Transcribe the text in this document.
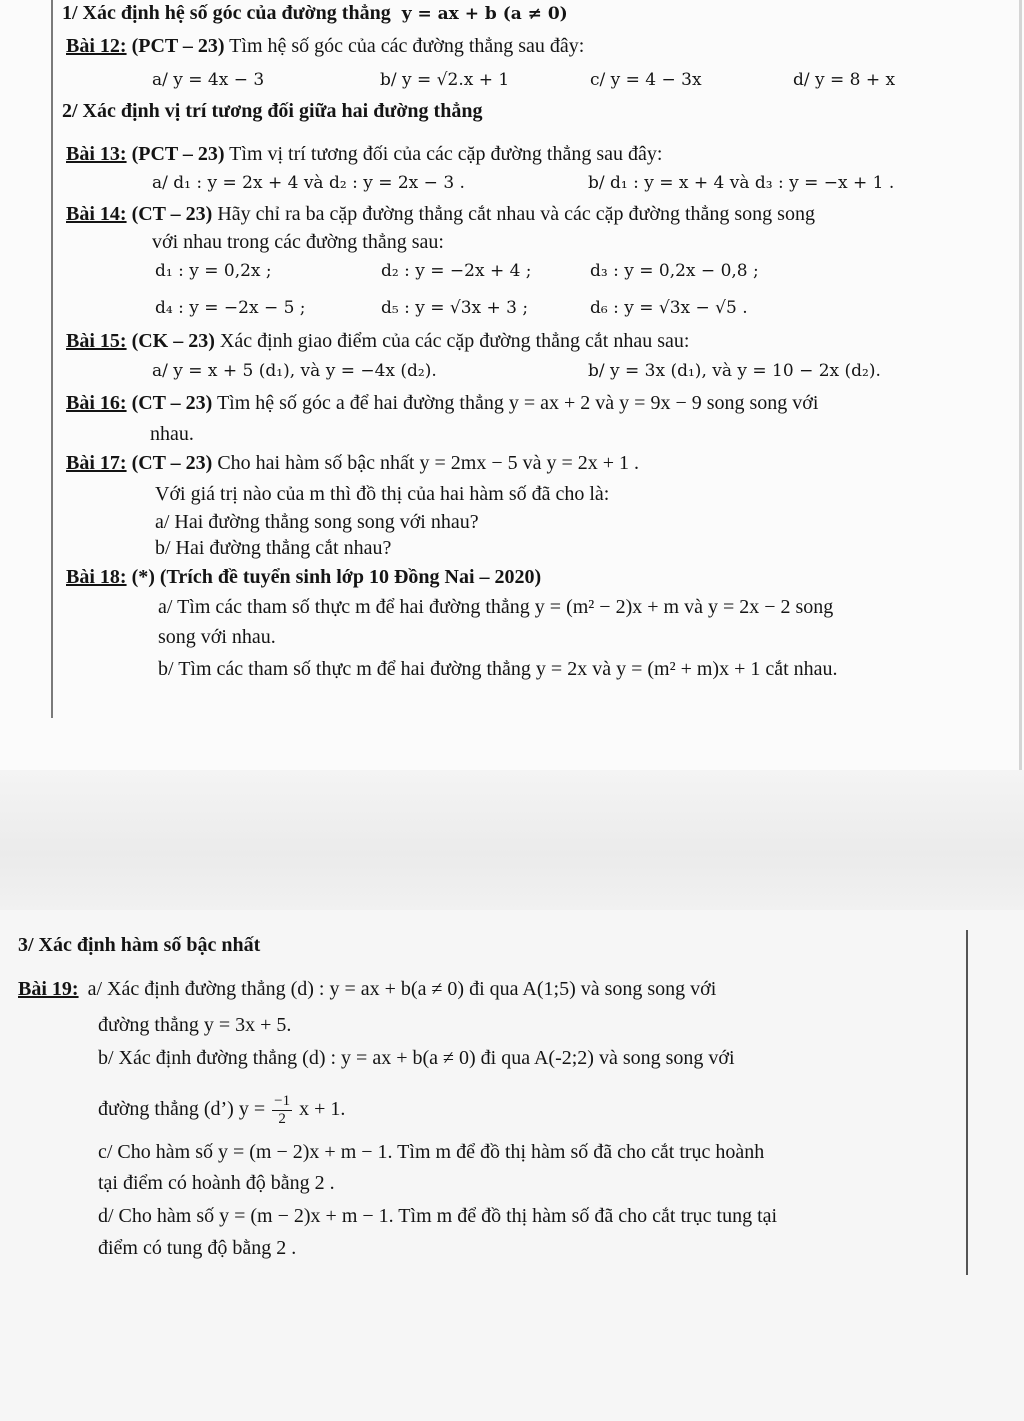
1/ Xác định hệ số góc của đường thẳng y = ax + b (a ≠ 0)
Bài 12: (PCT – 23) Tìm hệ số góc của các đường thẳng sau đây:
a/ y = 4x − 3	b/ y = √2.x + 1	c/ y = 4 − 3x	d/ y = 8 + x
2/ Xác định vị trí tương đối giữa hai đường thẳng
Bài 13: (PCT – 23) Tìm vị trí tương đối của các cặp đường thẳng sau đây:
a/ d₁ : y = 2x + 4 và d₂ : y = 2x − 3 .	b/ d₁ : y = x + 4 và d₃ : y = −x + 1 .
Bài 14: (CT – 23) Hãy chỉ ra ba cặp đường thẳng cắt nhau và các cặp đường thẳng song song
với nhau trong các đường thẳng sau:
d₁ : y = 0,2x ;	d₂ : y = −2x + 4 ;	d₃ : y = 0,2x − 0,8 ;
d₄ : y = −2x − 5 ;	d₅ : y = √3x + 3 ;	d₆ : y = √3x − √5 .
Bài 15: (CK – 23) Xác định giao điểm của các cặp đường thẳng cắt nhau sau:
a/ y = x + 5 (d₁), và y = −4x (d₂).	b/ y = 3x (d₁), và y = 10 − 2x (d₂).
Bài 16: (CT – 23) Tìm hệ số góc a để hai đường thẳng y = ax + 2 và y = 9x − 9 song song với
nhau.
Bài 17: (CT – 23) Cho hai hàm số bậc nhất y = 2mx − 5 và y = 2x + 1 .
Với giá trị nào của m thì đồ thị của hai hàm số đã cho là:
a/ Hai đường thẳng song song với nhau?
b/ Hai đường thẳng cắt nhau?
Bài 18: (*) (Trích đề tuyển sinh lớp 10 Đồng Nai – 2020)
a/ Tìm các tham số thực m để hai đường thẳng y = (m² − 2)x + m và y = 2x − 2 song
song với nhau.
b/ Tìm các tham số thực m để hai đường thẳng y = 2x và y = (m² + m)x + 1 cắt nhau.
3/ Xác định hàm số bậc nhất
Bài 19: a/ Xác định đường thẳng (d) : y = ax + b(a ≠ 0) đi qua A(1;5) và song song với
đường thẳng y = 3x + 5.
b/ Xác định đường thẳng (d) : y = ax + b(a ≠ 0) đi qua A(-2;2) và song song với
đường thẳng (d’) $y = \frac{-1}{2}$ x + 1.
c/ Cho hàm số y = (m − 2)x + m − 1. Tìm m để đồ thị hàm số đã cho cắt trục hoành
tại điểm có hoành độ bằng 2 .
d/ Cho hàm số y = (m − 2)x + m − 1. Tìm m để đồ thị hàm số đã cho cắt trục tung tại
điểm có tung độ bằng 2 .
